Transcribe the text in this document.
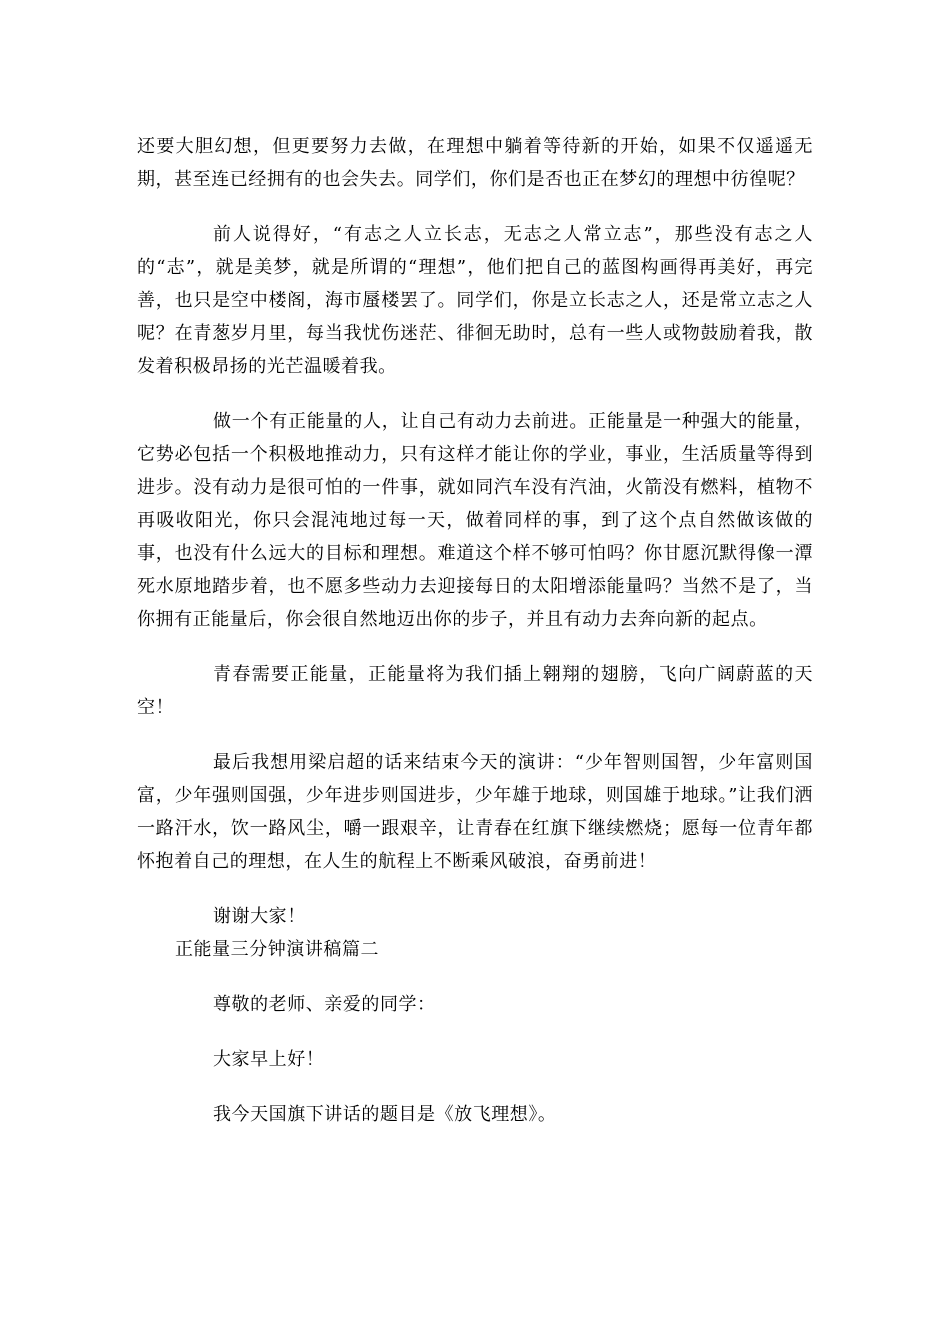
还要大胆幻想，但更要努力去做，在理想中躺着等待新的开始，如果不仅遥遥无期，甚至连已经拥有的也会失去。同学们，你们是否也正在梦幻的理想中彷徨呢？

前人说得好，“有志之人立长志，无志之人常立志”，那些没有志之人的“志”，就是美梦，就是所谓的“理想”，他们把自己的蓝图构画得再美好，再完善，也只是空中楼阁，海市蜃楼罢了。同学们，你是立长志之人，还是常立志之人呢？在青葱岁月里，每当我忧伤迷茫、徘徊无助时，总有一些人或物鼓励着我，散发着积极昂扬的光芒温暖着我。

做一个有正能量的人，让自己有动力去前进。正能量是一种强大的能量，它势必包括一个积极地推动力，只有这样才能让你的学业，事业，生活质量等得到进步。没有动力是很可怕的一件事，就如同汽车没有汽油，火箭没有燃料，植物不再吸收阳光，你只会混沌地过每一天，做着同样的事，到了这个点自然做该做的事，也没有什么远大的目标和理想。难道这个样不够可怕吗？你甘愿沉默得像一潭死水原地踏步着，也不愿多些动力去迎接每日的太阳增添能量吗？当然不是了，当你拥有正能量后，你会很自然地迈出你的步子，并且有动力去奔向新的起点。

青春需要正能量，正能量将为我们插上翱翔的翅膀，飞向广阔蔚蓝的天空！

最后我想用梁启超的话来结束今天的演讲：“少年智则国智，少年富则国富，少年强则国强，少年进步则国进步，少年雄于地球，则国雄于地球。”让我们洒一路汗水，饮一路风尘，嚼一跟艰辛，让青春在红旗下继续燃烧；愿每一位青年都怀抱着自己的理想，在人生的航程上不断乘风破浪，奋勇前进！

谢谢大家！

正能量三分钟演讲稿篇二

尊敬的老师、亲爱的同学：

大家早上好！

我今天国旗下讲话的题目是《放飞理想》。
